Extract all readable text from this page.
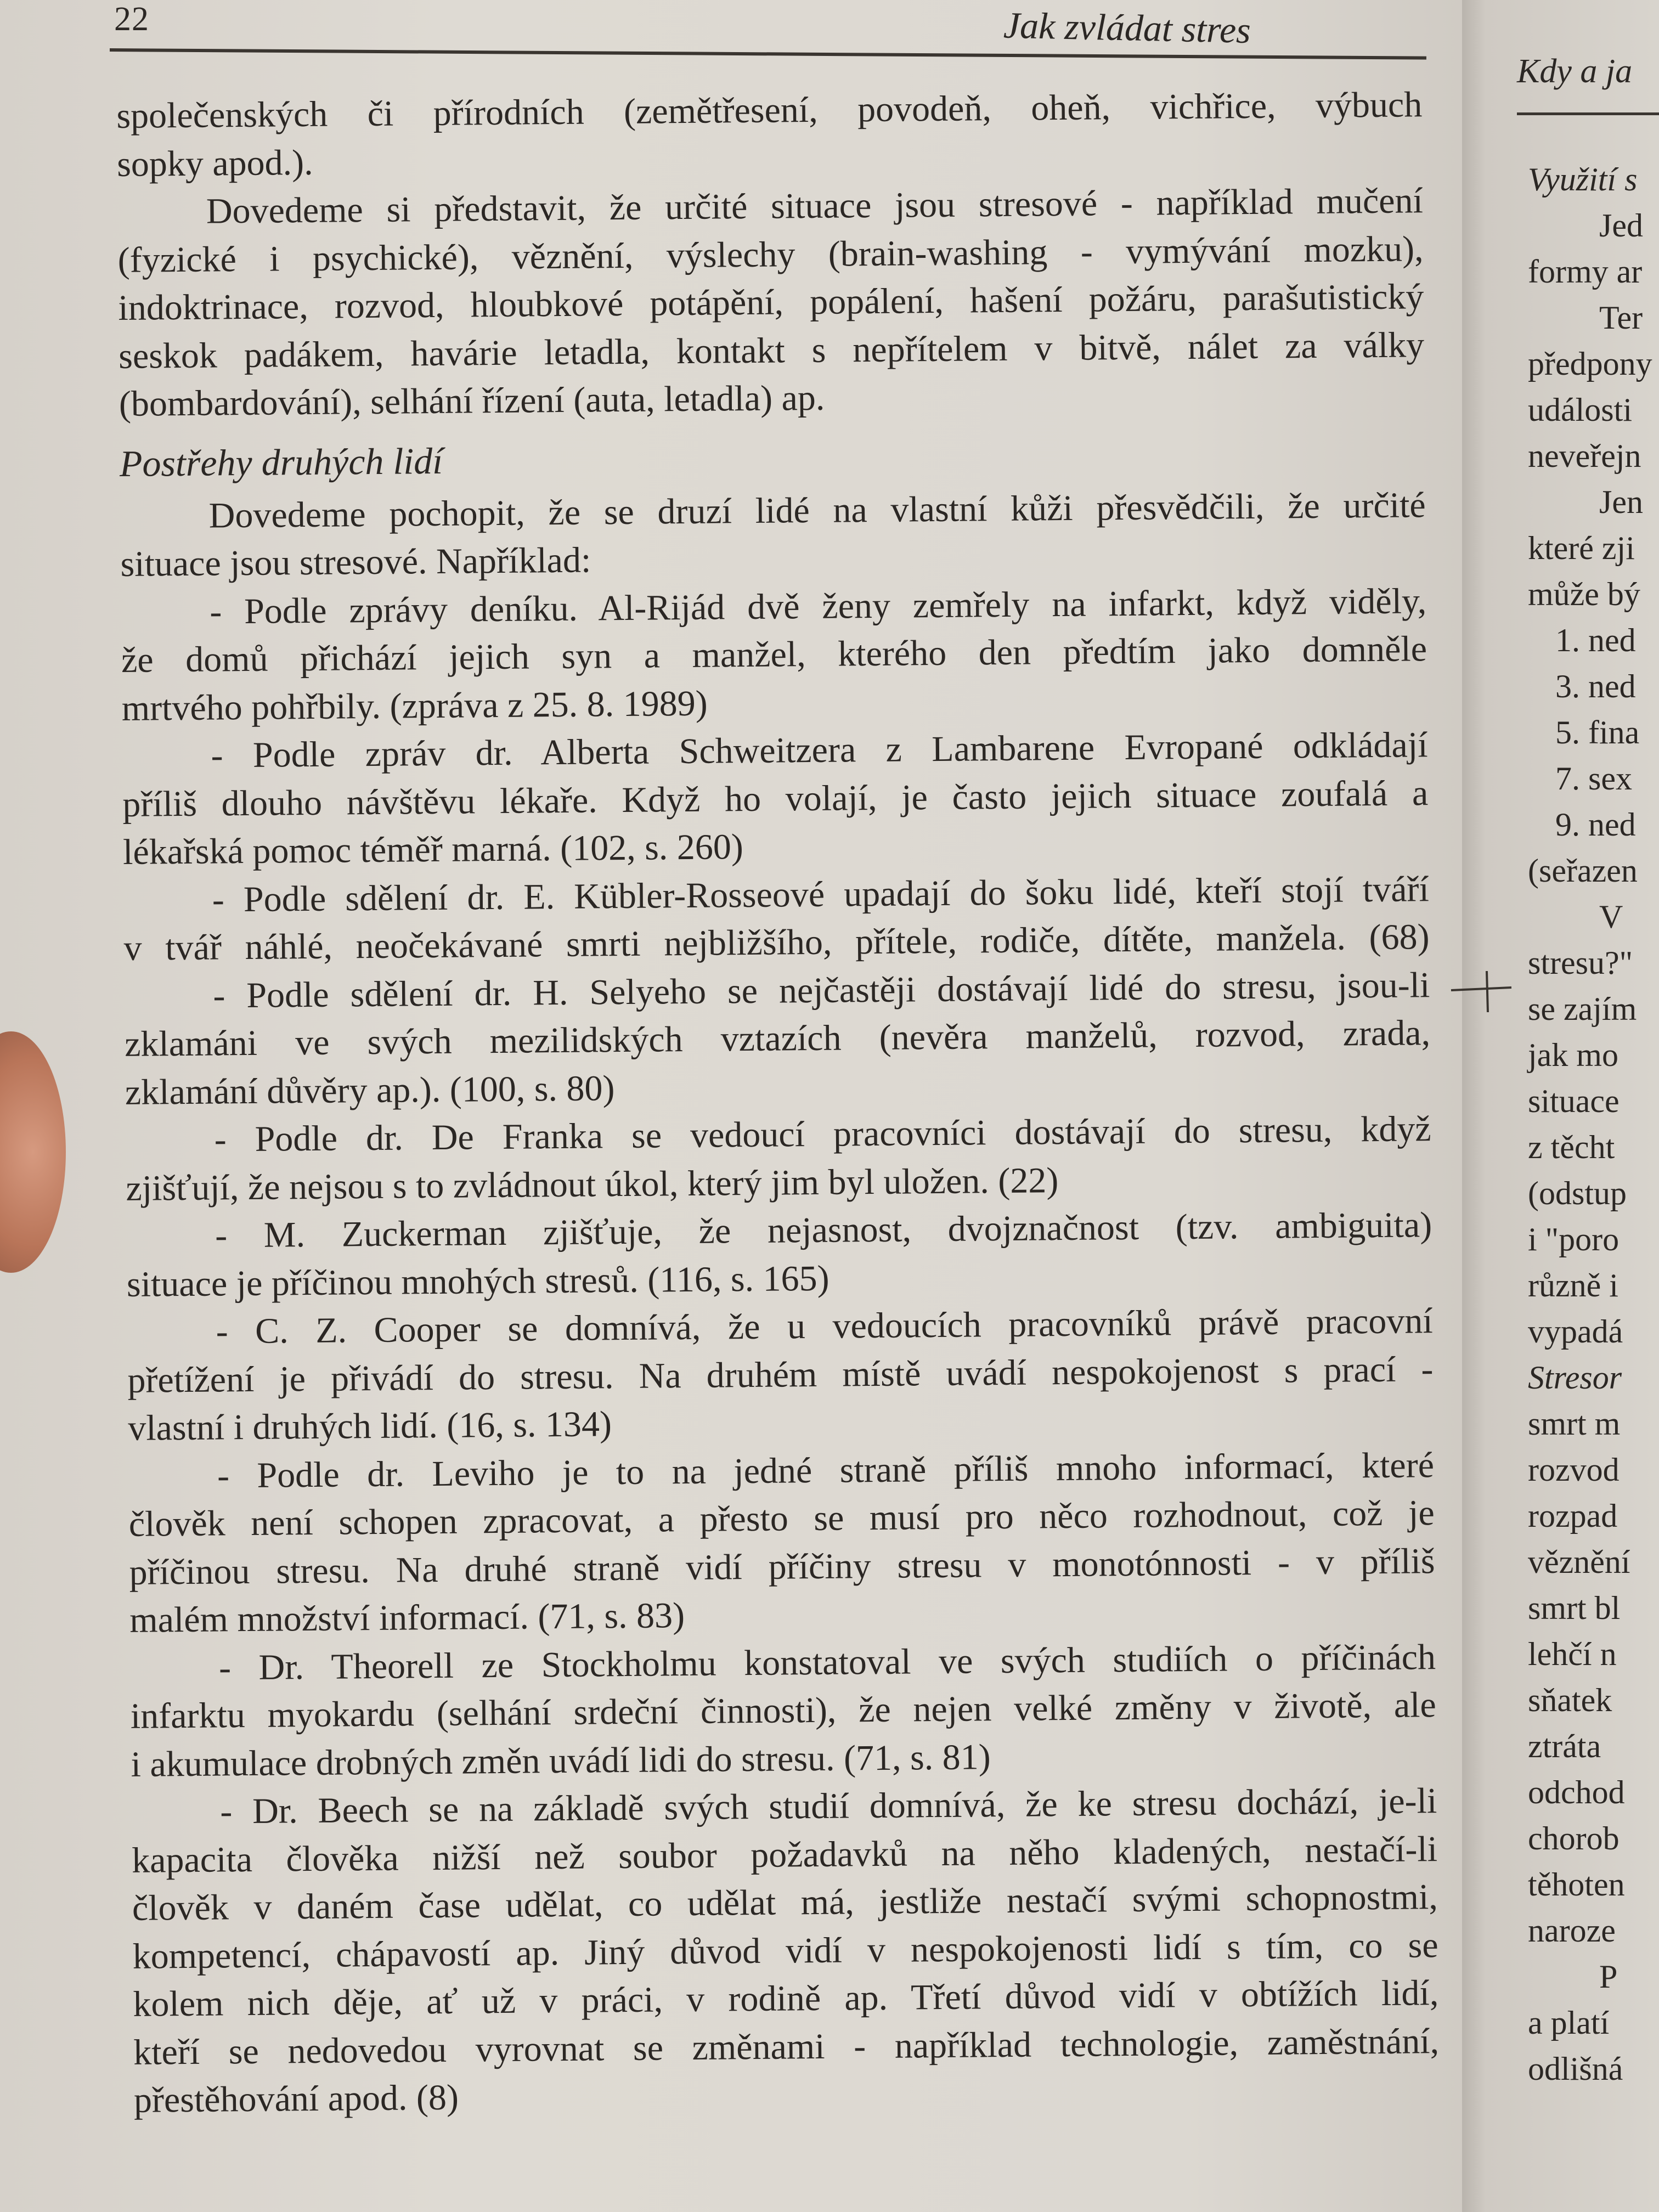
22	Jak zvládat stres
společenských či přírodních (zemětřesení, povodeň, oheň, vichřice, výbuch
sopky apod.).
Dovedeme si představit, že určité situace jsou stresové - například mučení
(fyzické i psychické), věznění, výslechy (brain-washing - vymývání mozku),
indoktrinace, rozvod, hloubkové potápění, popálení, hašení požáru, parašutistický
seskok padákem, havárie letadla, kontakt s nepřítelem v bitvě, nálet za války
(bombardování), selhání řízení (auta, letadla) ap.
Postřehy druhých lidí
Dovedeme pochopit, že se druzí lidé na vlastní kůži přesvědčili, že určité
situace jsou stresové. Například:
- Podle zprávy deníku. Al-Rijád dvě ženy zemřely na infarkt, když viděly,
že domů přichází jejich syn a manžel, kterého den předtím jako domněle
mrtvého pohřbily. (zpráva z 25. 8. 1989)
- Podle zpráv dr. Alberta Schweitzera z Lambarene Evropané odkládají
příliš dlouho návštěvu lékaře. Když ho volají, je často jejich situace zoufalá a
lékařská pomoc téměř marná. (102, s. 260)
- Podle sdělení dr. E. Kübler-Rosseové upadají do šoku lidé, kteří stojí tváří
v tvář náhlé, neočekávané smrti nejbližšího, přítele, rodiče, dítěte, manžela. (68)
- Podle sdělení dr. H. Selyeho se nejčastěji dostávají lidé do stresu, jsou-li
zklamáni ve svých mezilidských vztazích (nevěra manželů, rozvod, zrada,
zklamání důvěry ap.). (100, s. 80)
- Podle dr. De Franka se vedoucí pracovníci dostávají do stresu, když
zjišťují, že nejsou s to zvládnout úkol, který jim byl uložen. (22)
- M. Zuckerman zjišťuje, že nejasnost, dvojznačnost (tzv. ambiguita)
situace je příčinou mnohých stresů. (116, s. 165)
- C. Z. Cooper se domnívá, že u vedoucích pracovníků právě pracovní
přetížení je přivádí do stresu. Na druhém místě uvádí nespokojenost s prací -
vlastní i druhých lidí. (16, s. 134)
- Podle dr. Leviho je to na jedné straně příliš mnoho informací, které
člověk není schopen zpracovat, a přesto se musí pro něco rozhodnout, což je
příčinou stresu. Na druhé straně vidí příčiny stresu v monotónnosti - v příliš
malém množství informací. (71, s. 83)
- Dr. Theorell ze Stockholmu konstatoval ve svých studiích o příčinách
infarktu myokardu (selhání srdeční činnosti), že nejen velké změny v životě, ale
i akumulace drobných změn uvádí lidi do stresu. (71, s. 81)
- Dr. Beech se na základě svých studií domnívá, že ke stresu dochází, je-li
kapacita člověka nižší než soubor požadavků na něho kladených, nestačí-li
člověk v daném čase udělat, co udělat má, jestliže nestačí svými schopnostmi,
kompetencí, chápavostí ap. Jiný důvod vidí v nespokojenosti lidí s tím, co se
kolem nich děje, ať už v práci, v rodině ap. Třetí důvod vidí v obtížích lidí,
kteří se nedovedou vyrovnat se změnami - například technologie, zaměstnání,
přestěhování apod. (8)
Kdy a ja
Využití s
Jed
formy ar
Ter
předpony
události
neveřejn
Jen
které zji
může bý
1. ned
3. ned
5. fina
7. sex
9. ned
(seřazen
V
stresu?"
se zajím
jak mo
situace
z těcht
(odstup
i "poro
různě i
vypadá
Stresor
smrt m
rozvod
rozpad
věznění
smrt bl
lehčí n
sňatek
ztráta
odchod
chorob
těhoten
naroze
P
a platí
odlišná
